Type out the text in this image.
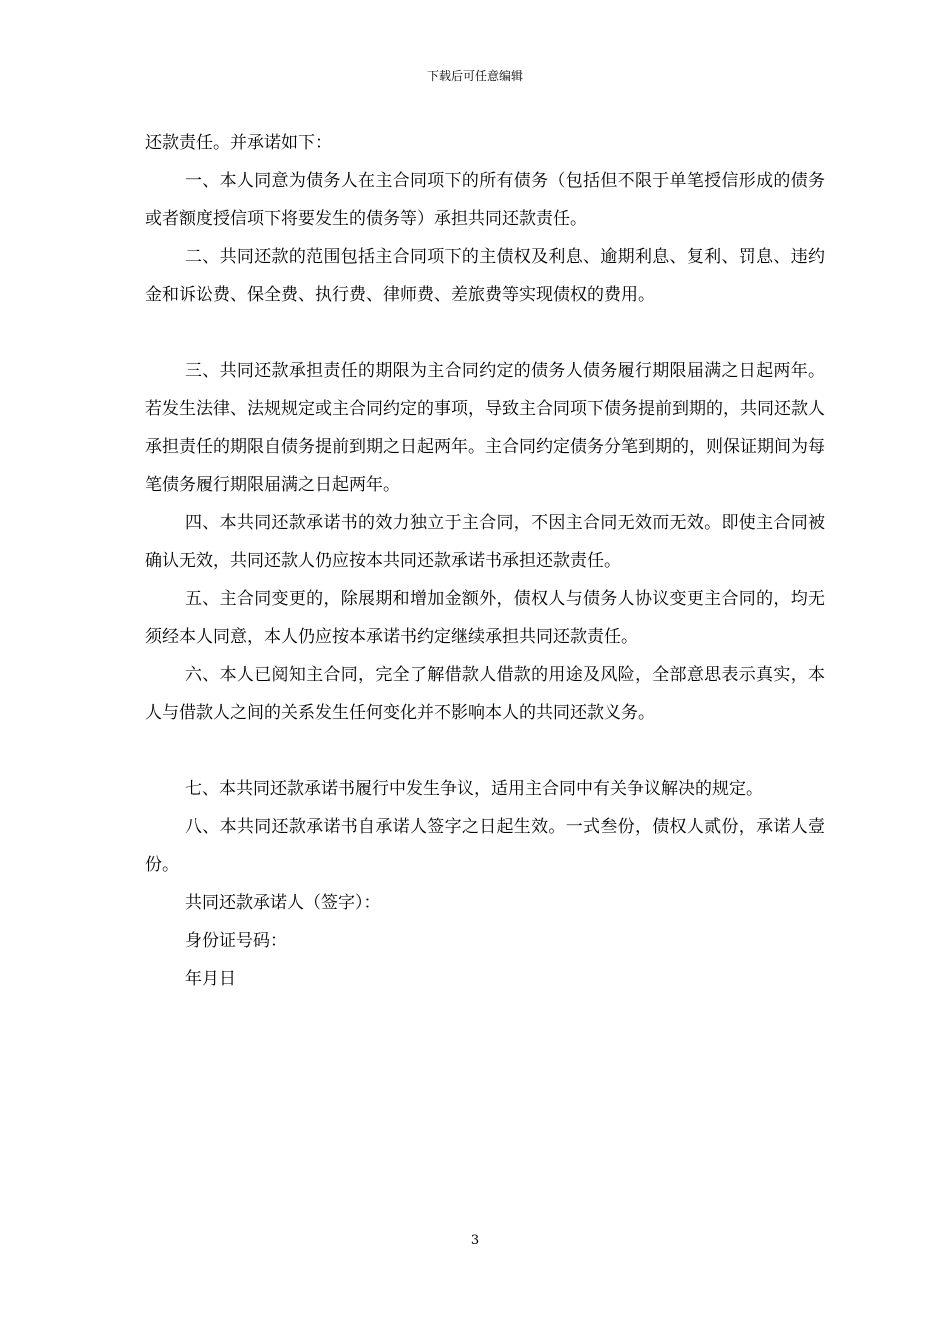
下载后可任意编辑

还款责任。并承诺如下：

一、本人同意为债务人在主合同项下的所有债务（包括但不限于单笔授信形成的债务或者额度授信项下将要发生的债务等）承担共同还款责任。

二、共同还款的范围包括主合同项下的主债权及利息、逾期利息、复利、罚息、违约金和诉讼费、保全费、执行费、律师费、差旅费等实现债权的费用。

三、共同还款承担责任的期限为主合同约定的债务人债务履行期限届满之日起两年。若发生法律、法规规定或主合同约定的事项，导致主合同项下债务提前到期的，共同还款人承担责任的期限自债务提前到期之日起两年。主合同约定债务分笔到期的，则保证期间为每笔债务履行期限届满之日起两年。

四、本共同还款承诺书的效力独立于主合同，不因主合同无效而无效。即使主合同被确认无效，共同还款人仍应按本共同还款承诺书承担还款责任。

五、主合同变更的，除展期和增加金额外，债权人与债务人协议变更主合同的，均无须经本人同意，本人仍应按本承诺书约定继续承担共同还款责任。

六、本人已阅知主合同，完全了解借款人借款的用途及风险，全部意思表示真实，本人与借款人之间的关系发生任何变化并不影响本人的共同还款义务。

七、本共同还款承诺书履行中发生争议，适用主合同中有关争议解决的规定。

八、本共同还款承诺书自承诺人签字之日起生效。一式叁份，债权人贰份，承诺人壹份。

共同还款承诺人（签字）：

身份证号码：

年月日

3
